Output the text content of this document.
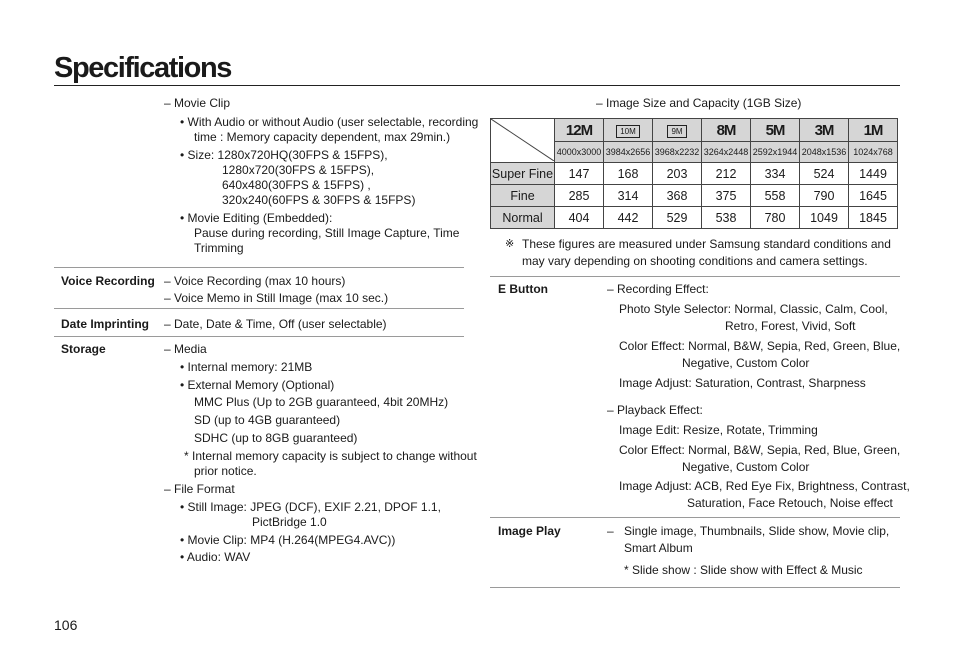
Specifications
– Movie Clip
• With Audio or without Audio (user selectable, recording
time : Memory capacity dependent, max 29min.)
• Size: 1280x720HQ(30FPS & 15FPS),
1280x720(30FPS & 15FPS),
640x480(30FPS & 15FPS) ,
320x240(60FPS & 30FPS & 15FPS)
• Movie Editing (Embedded):
Pause during recording, Still Image Capture, Time
Trimming
Voice Recording – Voice Recording (max 10 hours)
– Voice Memo in Still Image (max 10 sec.)
Date Imprinting – Date, Date & Time, Off (user selectable)
Storage	– Media
• Internal memory: 21MB
• External Memory (Optional)
MMC Plus (Up to 2GB guaranteed, 4bit 20MHz)
SD (up to 4GB guaranteed)
SDHC (up to 8GB guaranteed)
* Internal memory capacity is subject to change without
prior notice.
– File Format
• Still Image: JPEG (DCF), EXIF 2.21, DPOF 1.1,
PictBridge 1.0
• Movie Clip: MP4 (H.264(MPEG4.AVC))
• Audio: WAV
– Image Size and Capacity (1GB Size)
	12M	10M	9M	8M	5M	3M	1M
	4000x3000	3984x2656	3968x2232	3264x2448	2592x1944	2048x1536	1024x768
Super Fine	147	168	203	212	334	524	1449
Fine	285	314	368	375	558	790	1645
Normal	404	442	529	538	780	1049	1845
※ These figures are measured under Samsung standard conditions and
may vary depending on shooting conditions and camera settings.
E Button	– Recording Effect:
Photo Style Selector: Normal, Classic, Calm, Cool,
Retro, Forest, Vivid, Soft
Color Effect: Normal, B&W, Sepia, Red, Green, Blue,
Negative, Custom Color
Image Adjust: Saturation, Contrast, Sharpness
– Playback Effect:
Image Edit: Resize, Rotate, Trimming
Color Effect: Normal, B&W, Sepia, Red, Blue, Green,
Negative, Custom Color
Image Adjust: ACB, Red Eye Fix, Brightness, Contrast,
Saturation, Face Retouch, Noise effect
Image Play	– Single image, Thumbnails, Slide show, Movie clip,
Smart Album
* Slide show : Slide show with Effect & Music
106
